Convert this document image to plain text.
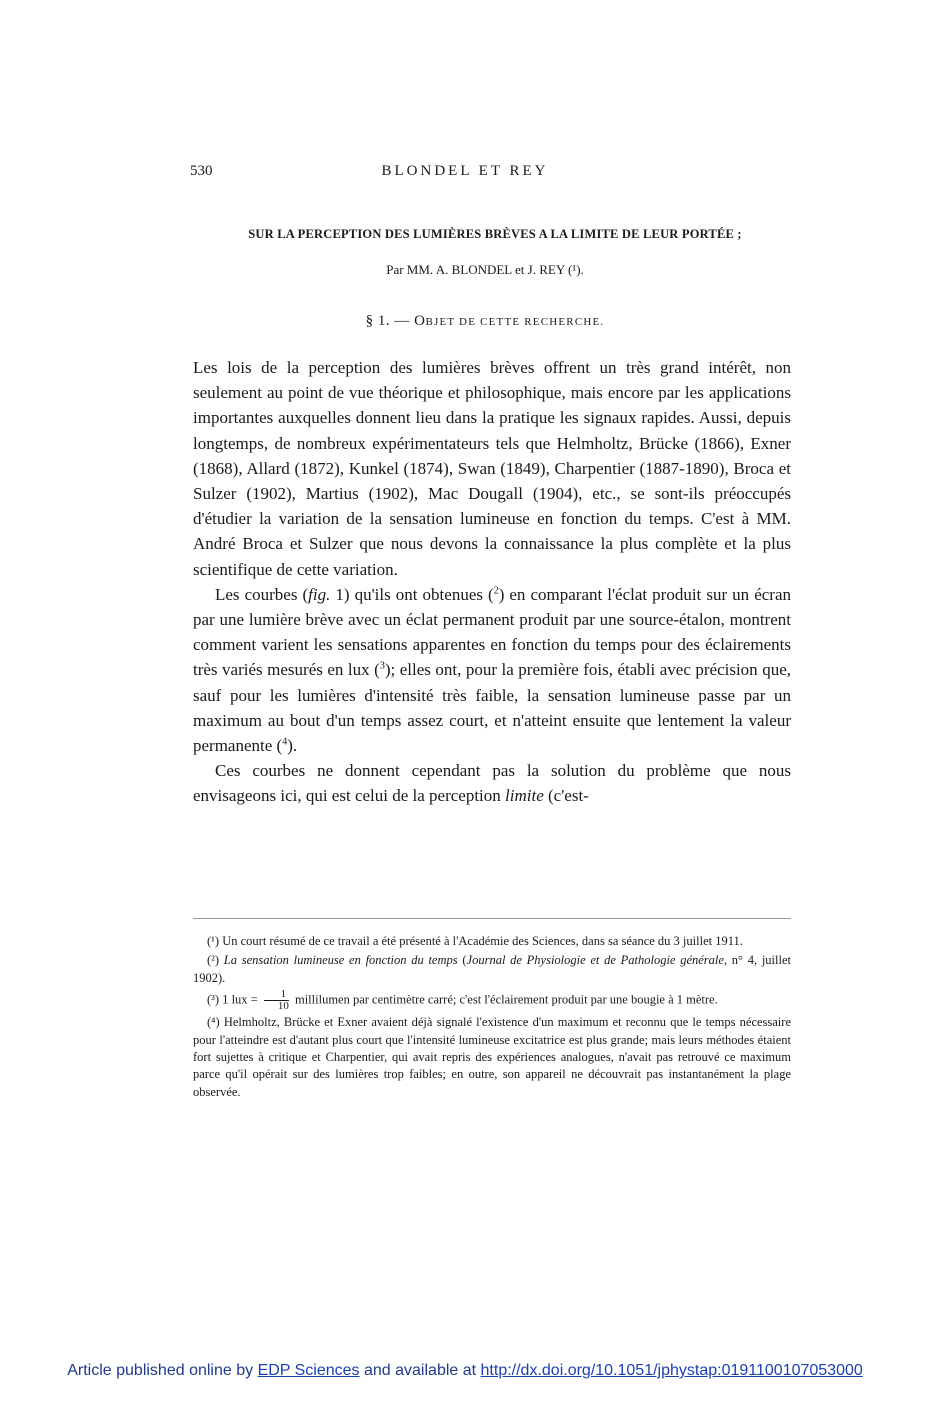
530	BLONDEL ET REY
SUR LA PERCEPTION DES LUMIÈRES BRÈVES A LA LIMITE DE LEUR PORTÉE ;
Par MM. A. BLONDEL et J. REY (¹).
§ 1. — OBJET DE CETTE RECHERCHE.

Les lois de la perception des lumières brèves offrent un très grand intérêt, non seulement au point de vue théorique et philosophique, mais encore par les applications importantes auxquelles donnent lieu dans la pratique les signaux rapides. Aussi, depuis longtemps, de nombreux expérimentateurs tels que Helmholtz, Brücke (1866), Exner (1868), Allard (1872), Kunkel (1874), Swan (1849), Charpentier (1887-1890), Broca et Sulzer (1902), Martius (1902), Mac Dougall (1904), etc., se sont-ils préoccupés d'étudier la variation de la sensation lumineuse en fonction du temps. C'est à MM. André Broca et Sulzer que nous devons la connaissance la plus complète et la plus scientifique de cette variation.

Les courbes (fig. 1) qu'ils ont obtenues ($^2$) en comparant l'éclat produit sur un écran par une lumière brève avec un éclat permanent produit par une source-étalon, montrent comment varient les sensations apparentes en fonction du temps pour des éclairements très variés mesurés en lux ($^3$); elles ont, pour la première fois, établi avec précision que, sauf pour les lumières d'intensité très faible, la sensation lumineuse passe par un maximum au bout d'un temps assez court, et n'atteint ensuite que lentement la valeur permanente ($^4$).

Ces courbes ne donnent cependant pas la solution du problème que nous envisageons ici, qui est celui de la perception limite (c'est-

(¹) Un court résumé de ce travail a été présenté à l'Académie des Sciences, dans sa séance du 3 juillet 1911.

(²) La sensation lumineuse en fonction du temps (Journal de Physiologie et de Pathologie générale, n° 4, juillet 1902).

(³) 1 lux = $\frac{1}{10}$ millilumen par centimètre carré; c'est l'éclairement produit par une bougie à 1 mètre.

(⁴) Helmholtz, Brücke et Exner avaient déjà signalé l'existence d'un maximum et reconnu que le temps nécessaire pour l'atteindre est d'autant plus court que l'intensité lumineuse excitatrice est plus grande; mais leurs méthodes étaient fort sujettes à critique et Charpentier, qui avait repris des expériences analogues, n'avait pas retrouvé ce maximum parce qu'il opérait sur des lumières trop faibles; en outre, son appareil ne découvrait pas instantanément la plage observée.

Article published online by EDP Sciences and available at http://dx.doi.org/10.1051/jphystap:0191100107053000
